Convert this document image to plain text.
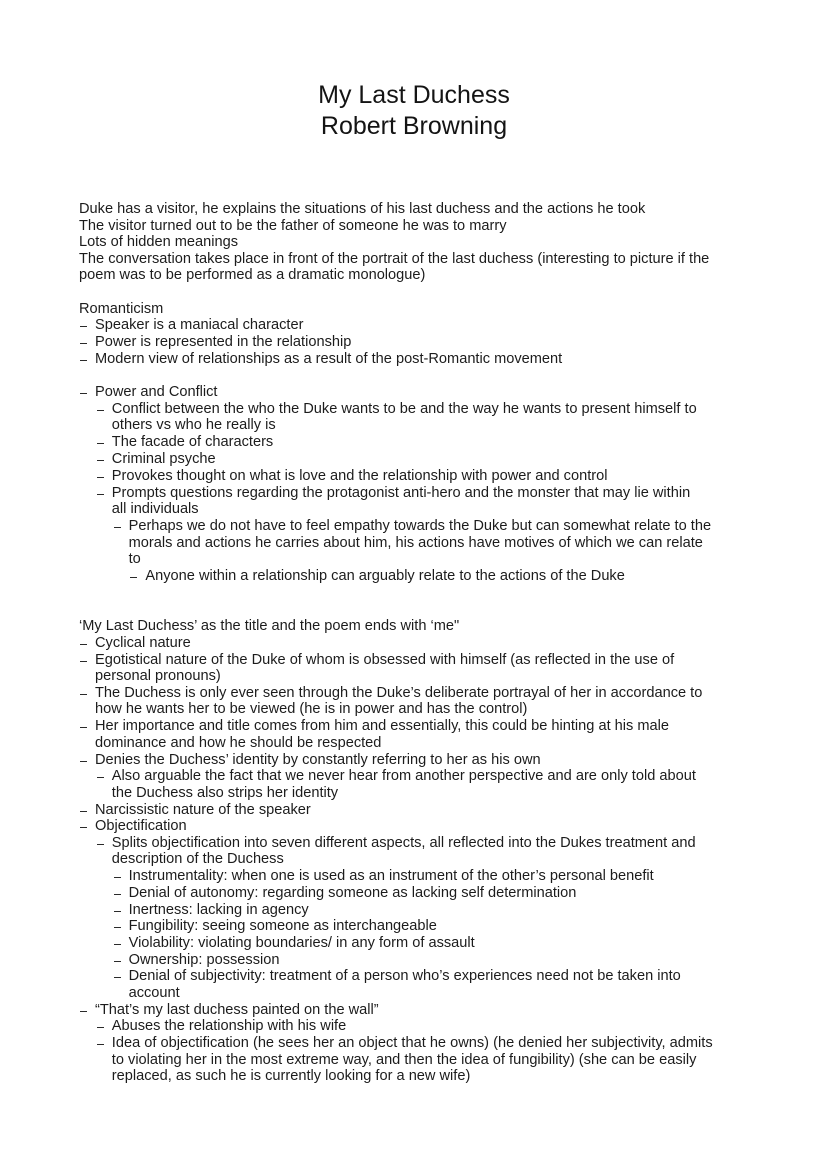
My Last Duchess
Robert Browning
Duke has a visitor, he explains the situations of his last duchess and the actions he took
The visitor turned out to be the father of someone he was to marry
Lots of hidden meanings
The conversation takes place in front of the portrait of the last duchess (interesting to picture if the
poem was to be performed as a dramatic monologue)
Romanticism
Speaker is a maniacal character
Power is represented in the relationship
Modern view of relationships as a result of the post-Romantic movement
Power and Conflict
Conflict between the who the Duke wants to be and the way he wants to present himself to
others vs who he really is
The facade of characters
Criminal psyche
Provokes thought on what is love and the relationship with power and control
Prompts questions regarding the protagonist anti-hero and the monster that may lie within
all individuals
Perhaps we do not have to feel empathy towards the Duke but can somewhat relate to the
morals and actions he carries about him, his actions have motives of which we can relate
to
Anyone within a relationship can arguably relate to the actions of the Duke
‘My Last Duchess’ as the title and the poem ends with ‘me"
Cyclical nature
Egotistical nature of the Duke of whom is obsessed with himself (as reflected in the use of
personal pronouns)
The Duchess is only ever seen through the Duke’s deliberate portrayal of her in accordance to
how he wants her to be viewed (he is in power and has the control)
Her importance and title comes from him and essentially, this could be hinting at his male
dominance and how he should be respected
Denies the Duchess’ identity by constantly referring to her as his own
Also arguable the fact that we never hear from another perspective and are only told about
the Duchess also strips her identity
Narcissistic nature of the speaker
Objectification
Splits objectification into seven different aspects, all reflected into the Dukes treatment and
description of the Duchess
Instrumentality: when one is used as an instrument of the other’s personal benefit
Denial of autonomy: regarding someone as lacking self determination
Inertness: lacking in agency
Fungibility: seeing someone as interchangeable
Violability: violating boundaries/ in any form of assault
Ownership: possession
Denial of subjectivity: treatment of a person who’s experiences need not be taken into
account
“That’s my last duchess painted on the wall”
Abuses the relationship with his wife
Idea of objectification (he sees her an object that he owns) (he denied her subjectivity, admits
to violating her in the most extreme way, and then the idea of fungibility) (she can be easily
replaced, as such he is currently looking for a new wife)
